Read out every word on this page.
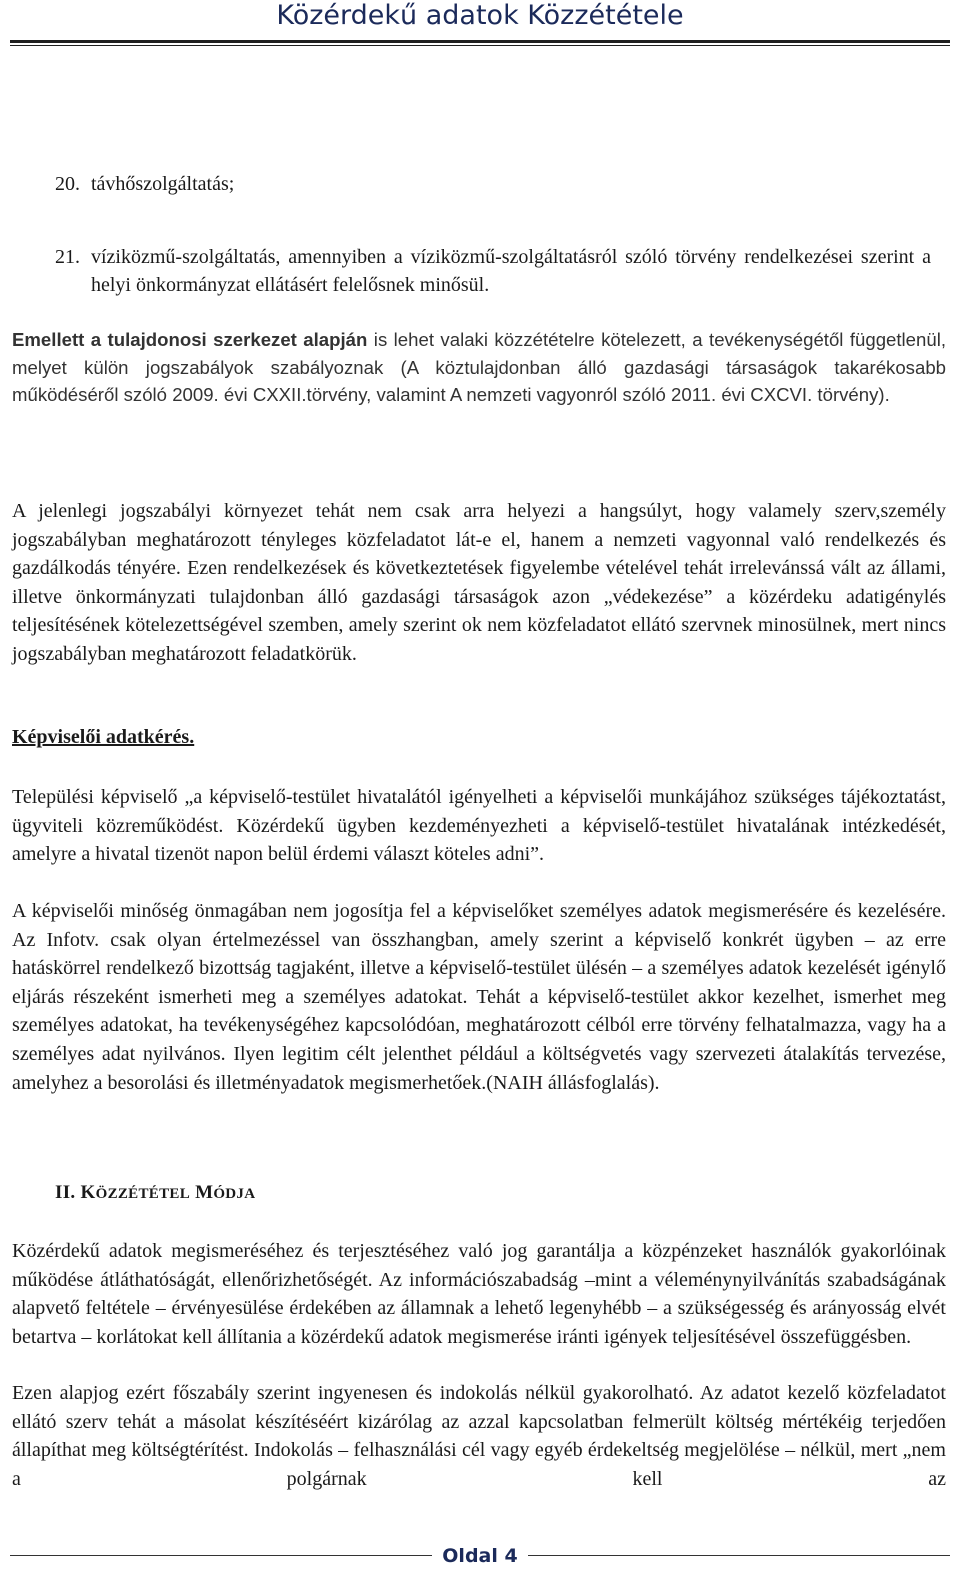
Közérdekű adatok Közzététele
20. távhőszolgáltatás;
21. víziközmű-szolgáltatás, amennyiben a víziközmű-szolgáltatásról szóló törvény rendelkezései szerint a helyi önkormányzat ellátásért felelősnek minősül.
Emellett a tulajdonosi szerkezet alapján is lehet valaki közzétételre kötelezett, a tevékenységétől függetlenül, melyet külön jogszabályok szabályoznak (A köztulajdonban álló gazdasági társaságok takarékosabb működéséről szóló 2009. évi CXXII.törvény, valamint A nemzeti vagyonról szóló 2011. évi CXCVI. törvény).
A jelenlegi jogszabályi környezet tehát nem csak arra helyezi a hangsúlyt, hogy valamely szerv,személy jogszabályban meghatározott tényleges közfeladatot lát-e el, hanem a nemzeti vagyonnal való rendelkezés és gazdálkodás tényére. Ezen rendelkezések és következtetések figyelembe vételével tehát irrelevánssá vált az állami, illetve önkormányzati tulajdonban álló gazdasági társaságok azon „védekezése” a közérdeku adatigénylés teljesítésének kötelezettségével szemben, amely szerint ok nem közfeladatot ellátó szervnek minosülnek, mert nincs jogszabályban meghatározott feladatkörük.
Képviselői adatkérés.
Települési képviselő „a képviselő-testület hivatalától igényelheti a képviselői munkájához szükséges tájékoztatást, ügyviteli közreműködést. Közérdekű ügyben kezdeményezheti a képviselő-testület hivatalának intézkedését, amelyre a hivatal tizenöt napon belül érdemi választ köteles adni”.
A képviselői minőség önmagában nem jogosítja fel a képviselőket személyes adatok megismerésére és kezelésére. Az Infotv. csak olyan értelmezéssel van összhangban, amely szerint a képviselő konkrét ügyben – az erre hatáskörrel rendelkező bizottság tagjaként, illetve a képviselő-testület ülésén – a személyes adatok kezelését igénylő eljárás részeként ismerheti meg a személyes adatokat. Tehát a képviselő-testület akkor kezelhet, ismerhet meg személyes adatokat, ha tevékenységéhez kapcsolódóan, meghatározott célból erre törvény felhatalmazza, vagy ha a személyes adat nyilvános. Ilyen legitim célt jelenthet például a költségvetés vagy szervezeti átalakítás tervezése, amelyhez a besorolási és illetményadatok megismerhetőek.(NAIH állásfoglalás).
II. KÖZZÉTÉTEL MÓDJA
Közérdekű adatok megismeréséhez és terjesztéséhez való jog garantálja a közpénzeket használók gyakorlóinak működése átláthatóságát, ellenőrizhetőségét. Az információszabadság –mint a véleménynyilvánítás szabadságának alapvető feltétele – érvényesülése érdekében az államnak a lehető legenyhébb – a szükségesség és arányosság elvét betartva – korlátokat kell állítania a közérdekű adatok megismerése iránti igények teljesítésével összefüggésben.
Ezen alapjog ezért főszabály szerint ingyenesen és indokolás nélkül gyakorolható. Az adatot kezelő közfeladatot ellátó szerv tehát a másolat készítéséért kizárólag az azzal kapcsolatban felmerült költség mértékéig terjedően állapíthat meg költségtérítést. Indokolás – felhasználási cél vagy egyéb érdekeltség megjelölése – nélkül, mert „nem a polgárnak kell az
Oldal 4
